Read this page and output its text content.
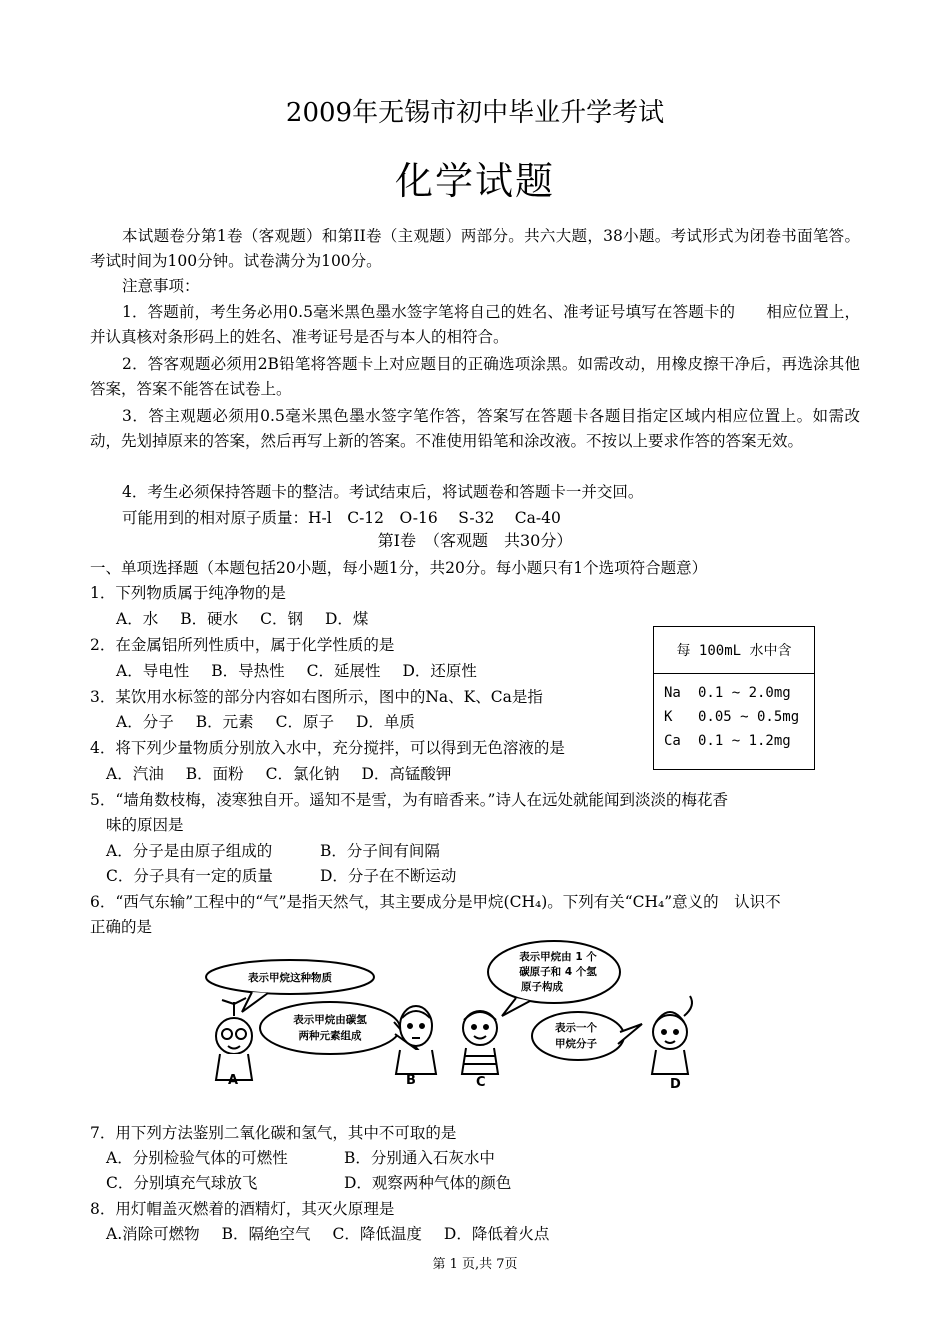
2009年无锡市初中毕业升学考试
化学试题
本试题卷分第1卷（客观题）和第II卷（主观题）两部分。共六大题，38小题。考试形式为闭卷书面笔答。考试时间为100分钟。试卷满分为100分。
注意事项：
1．答题前，考生务必用0.5毫米黑色墨水签字笔将自己的姓名、准考证号填写在答题卡的　　相应位置上，并认真核对条形码上的姓名、准考证号是否与本人的相符合。
2．答客观题必须用2B铅笔将答题卡上对应题目的正确选项涂黑。如需改动，用橡皮擦干净后，再选涂其他答案，答案不能答在试卷上。
3．答主观题必须用0.5毫米黑色墨水签字笔作答，答案写在答题卡各题目指定区域内相应位置上。如需改动，先划掉原来的答案，然后再写上新的答案。不准使用铅笔和涂改液。不按以上要求作答的答案无效。
4．考生必须保持答题卡的整洁。考试结束后，将试题卷和答题卡一并交回。
可能用到的相对原子质量：H-l　C-12　O-16　 S-32　 Ca-40
第Ⅰ卷　（客观题　共30分）
一、单项选择题（本题包括20小题，每小题1分，共20分。每小题只有1个选项符合题意）
1．下列物质属于纯净物的是
A．水 B．硬水 C．钢 D．煤
2．在金属铝所列性质中，属于化学性质的是
A．导电性 B．导热性 C．延展性 D．还原性
3．某饮用水标签的部分内容如右图所示，图中的Na、K、Ca是指
A．分子 B．元素 C．原子 D．单质
4．将下列少量物质分别放入水中，充分搅拌，可以得到无色溶液的是
A．汽油 B．面粉 C．氯化钠 D．高锰酸钾
每 100mL 水中含
Na 0.1 ~ 2.0mg
K 0.05 ~ 0.5mg
Ca 0.1 ~ 1.2mg
5．“墙角数枝梅，凌寒独自开。遥知不是雪，为有暗香来。”诗人在远处就能闻到淡淡的梅花香
味的原因是
A．分子是由原子组成的	B．分子间有间隔
C．分子具有一定的质量	D．分子在不断运动
6．“西气东输”工程中的“气”是指天然气，其主要成分是甲烷(CH₄)。下列有关“CH₄”意义的　认识不
正确的是
表示甲烷这种物质
表示甲烷由碳氢
两种元素组成
表示甲烷由 1 个
碳原子和 4 个氢
原子构成
表示一个
甲烷分子
A	B	C	D
7．用下列方法鉴别二氧化碳和氢气，其中不可取的是
A．分别检验气体的可燃性	B．分别通入石灰水中
C．分别填充气球放飞	D．观察两种气体的颜色
8．用灯帽盖灭燃着的酒精灯，其灭火原理是
A.消除可燃物 B．隔绝空气 C．降低温度 D．降低着火点
第 1 页,共 7页
